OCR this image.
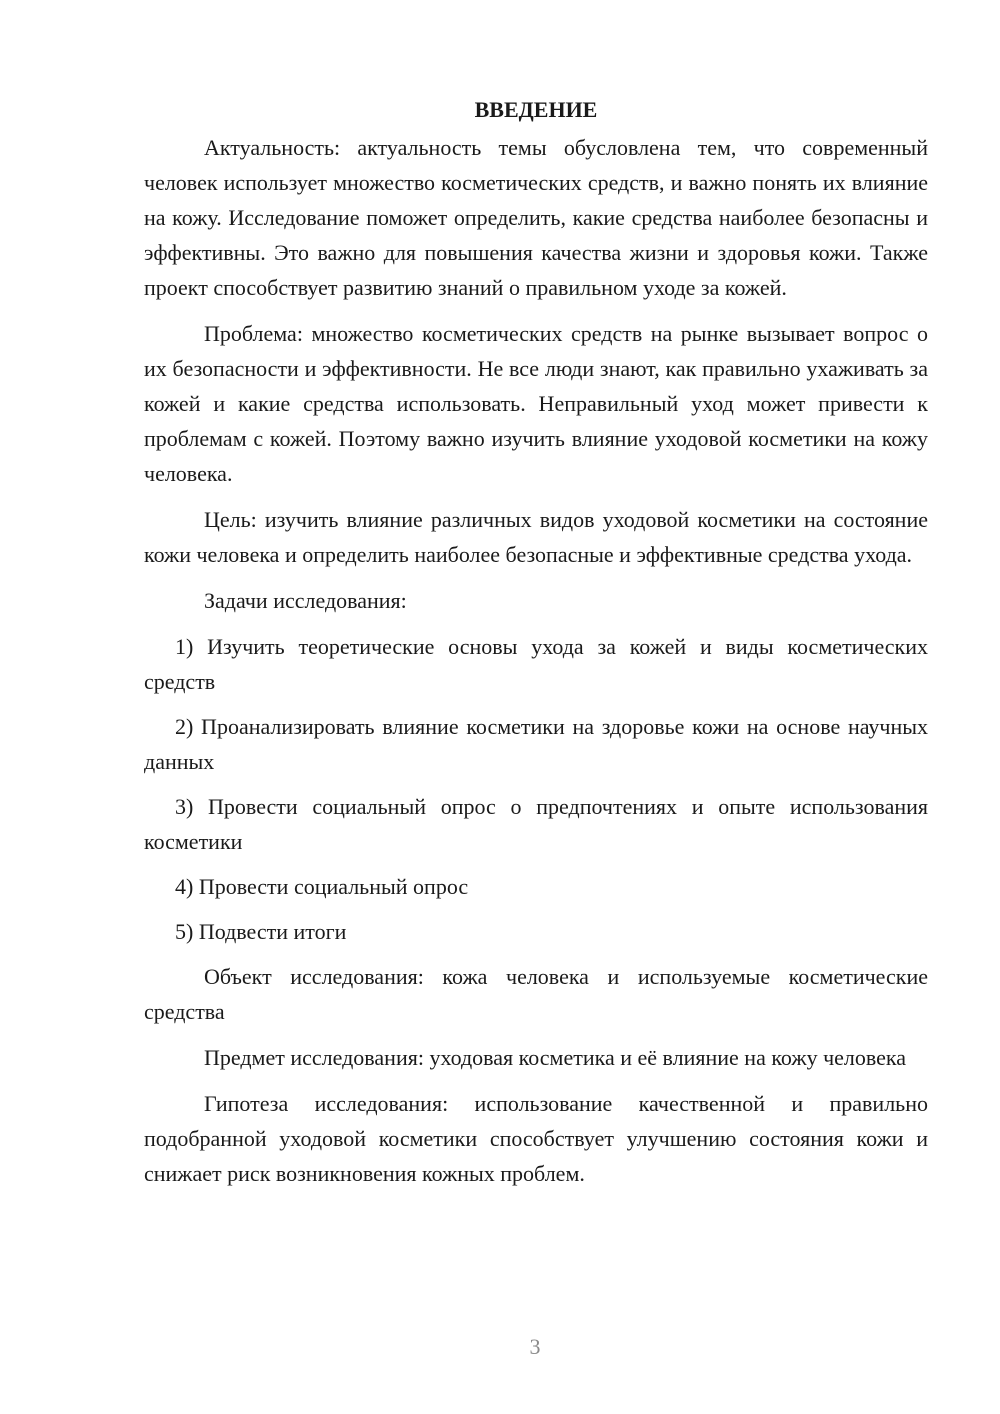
ВВЕДЕНИЕ

Актуальность: актуальность темы обусловлена тем, что современный человек использует множество косметических средств, и важно понять их влияние на кожу. Исследование поможет определить, какие средства наиболее безопасны и эффективны. Это важно для повышения качества жизни и здоровья кожи. Также проект способствует развитию знаний о правильном уходе за кожей.

Проблема: множество косметических средств на рынке вызывает вопрос о их безопасности и эффективности. Не все люди знают, как правильно ухаживать за кожей и какие средства использовать. Неправильный уход может привести к проблемам с кожей. Поэтому важно изучить влияние уходовой косметики на кожу человека.

Цель: изучить влияние различных видов уходовой косметики на состояние кожи человека и определить наиболее безопасные и эффективные средства ухода.

Задачи исследования:

1) Изучить теоретические основы ухода за кожей и виды косметических средств

2) Проанализировать влияние косметики на здоровье кожи на основе научных данных

3) Провести социальный опрос о предпочтениях и опыте использования косметики

4) Провести социальный опрос

5) Подвести итоги

Объект исследования: кожа человека и используемые косметические средства

Предмет исследования: уходовая косметика и её влияние на кожу человека

Гипотеза исследования: использование качественной и правильно подобранной уходовой косметики способствует улучшению состояния кожи и снижает риск возникновения кожных проблем.

3
